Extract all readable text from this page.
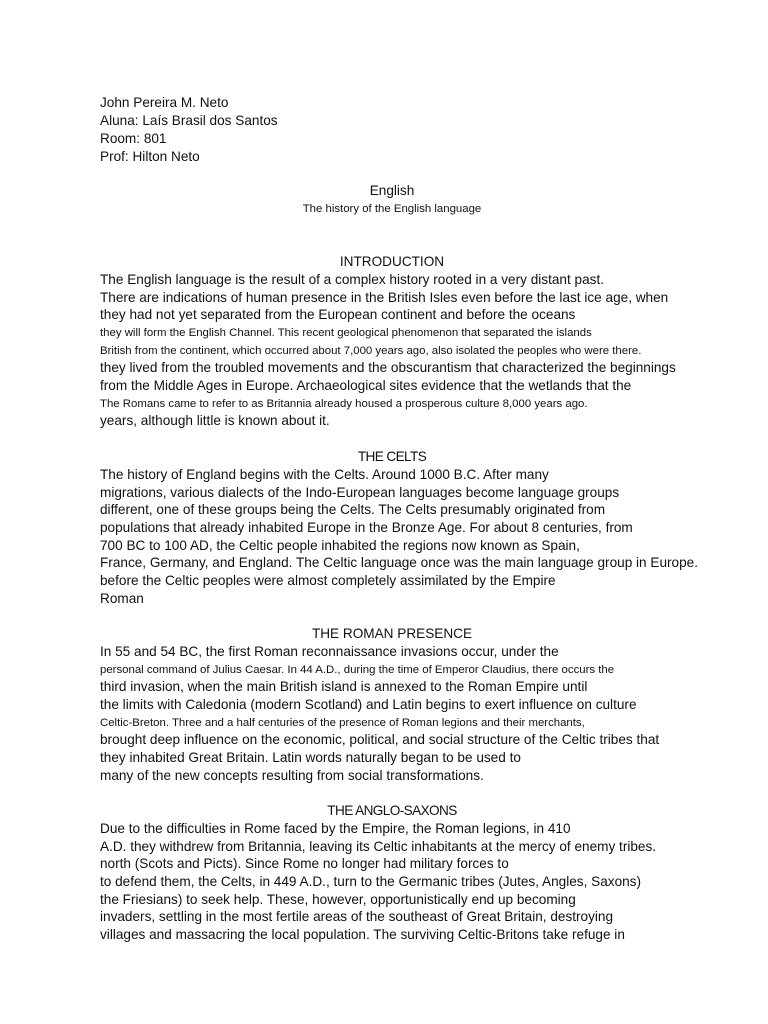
John Pereira M. Neto
Aluna: Laís Brasil dos Santos
Room: 801
Prof: Hilton Neto
English
The history of the English language
INTRODUCTION
The English language is the result of a complex history rooted in a very distant past.
There are indications of human presence in the British Isles even before the last ice age, when
they had not yet separated from the European continent and before the oceans
they will form the English Channel. This recent geological phenomenon that separated the islands
British from the continent, which occurred about 7,000 years ago, also isolated the peoples who were there.
they lived from the troubled movements and the obscurantism that characterized the beginnings
from the Middle Ages in Europe. Archaeological sites evidence that the wetlands that the
The Romans came to refer to as Britannia already housed a prosperous culture 8,000 years ago.
years, although little is known about it.
THE CELTS
The history of England begins with the Celts. Around 1000 B.C. After many
migrations, various dialects of the Indo-European languages become language groups
different, one of these groups being the Celts. The Celts presumably originated from
populations that already inhabited Europe in the Bronze Age. For about 8 centuries, from
700 BC to 100 AD, the Celtic people inhabited the regions now known as Spain,
France, Germany, and England. The Celtic language once was the main language group in Europe.
before the Celtic peoples were almost completely assimilated by the Empire
Roman
THE ROMAN PRESENCE
In 55 and 54 BC, the first Roman reconnaissance invasions occur, under the
personal command of Julius Caesar. In 44 A.D., during the time of Emperor Claudius, there occurs the
third invasion, when the main British island is annexed to the Roman Empire until
the limits with Caledonia (modern Scotland) and Latin begins to exert influence on culture
Celtic-Breton. Three and a half centuries of the presence of Roman legions and their merchants,
brought deep influence on the economic, political, and social structure of the Celtic tribes that
they inhabited Great Britain. Latin words naturally began to be used to
many of the new concepts resulting from social transformations.
THE ANGLO-SAXONS
Due to the difficulties in Rome faced by the Empire, the Roman legions, in 410
A.D. they withdrew from Britannia, leaving its Celtic inhabitants at the mercy of enemy tribes.
north (Scots and Picts). Since Rome no longer had military forces to
to defend them, the Celts, in 449 A.D., turn to the Germanic tribes (Jutes, Angles, Saxons)
the Friesians) to seek help. These, however, opportunistically end up becoming
invaders, settling in the most fertile areas of the southeast of Great Britain, destroying
villages and massacring the local population. The surviving Celtic-Britons take refuge in
